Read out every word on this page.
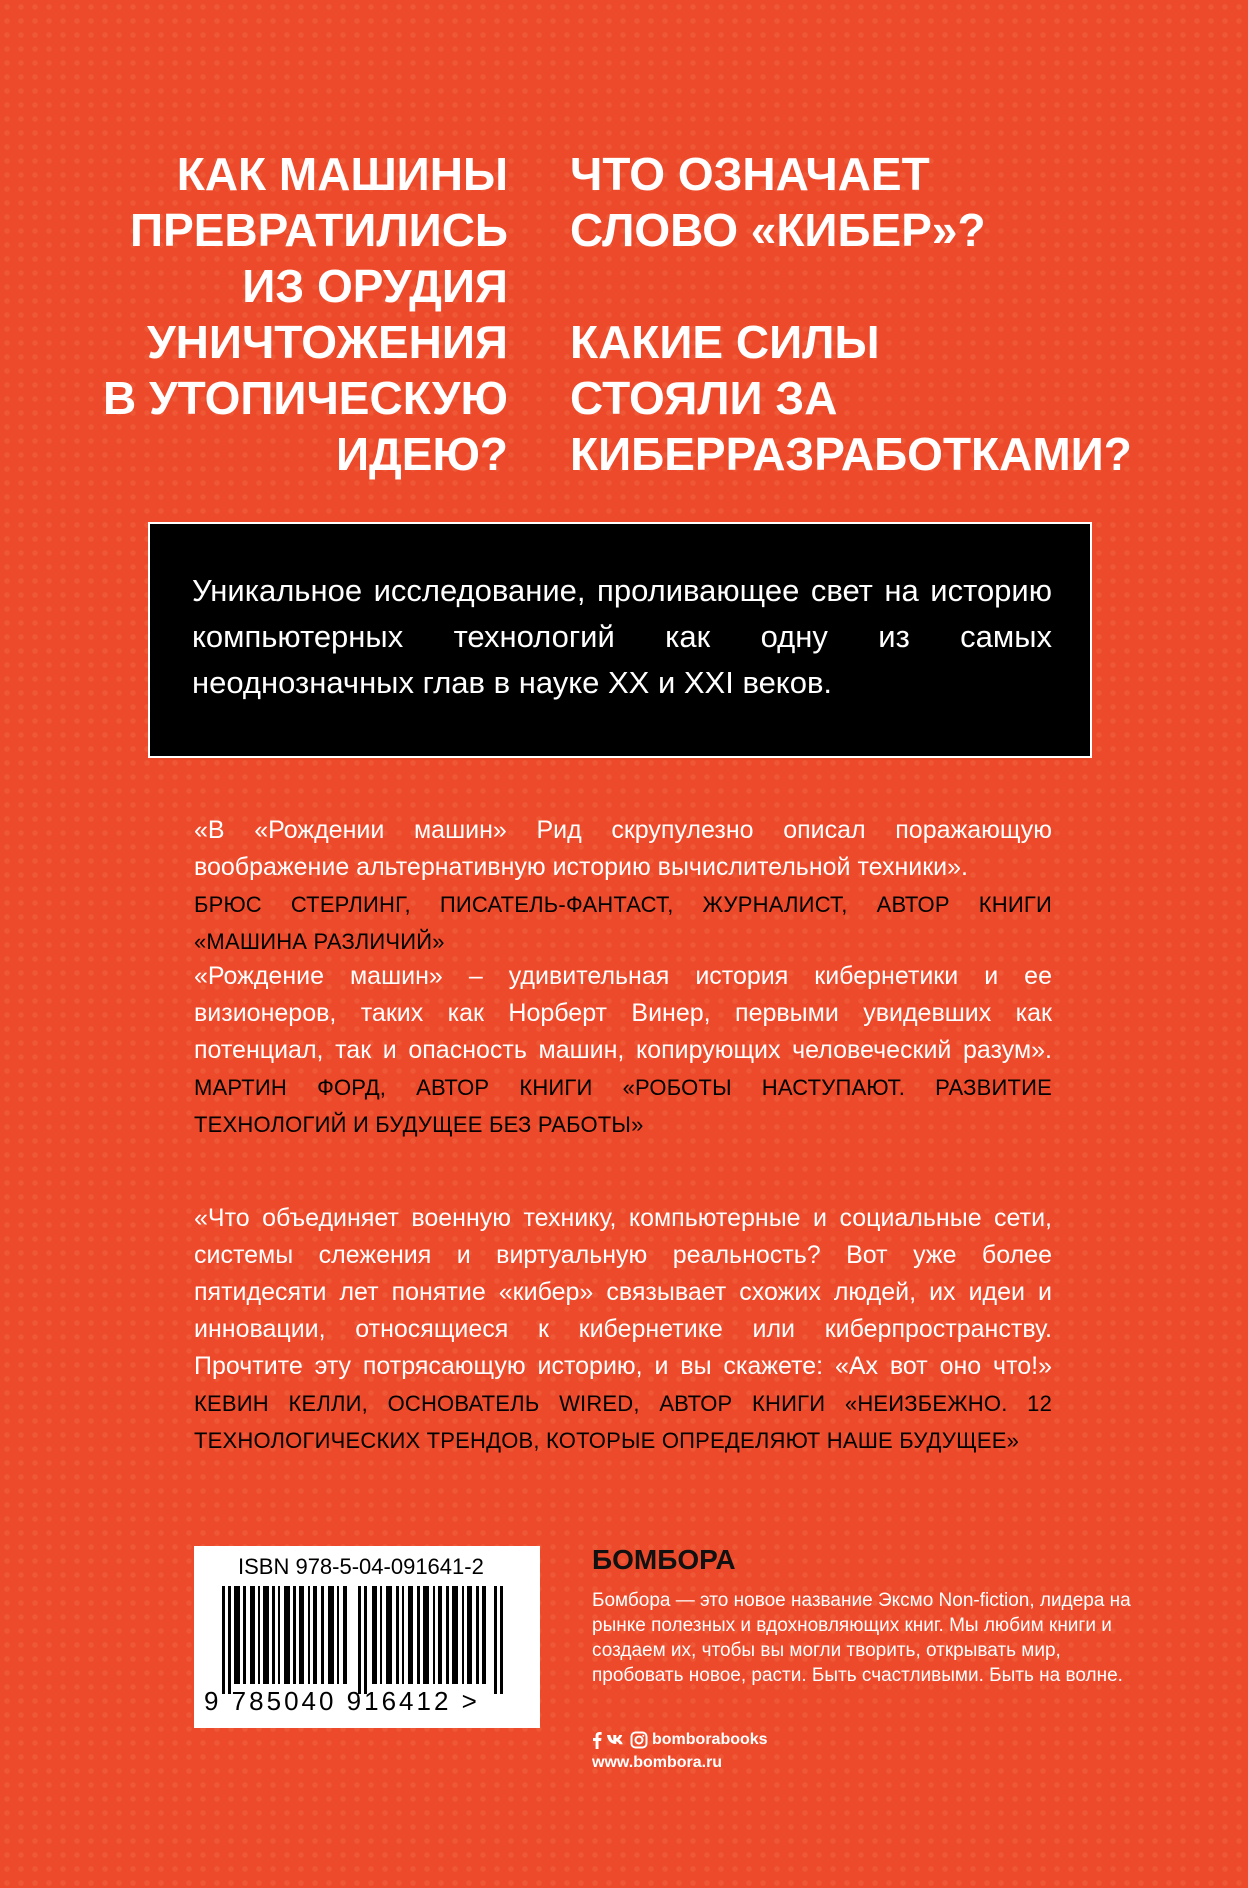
КАК МАШИНЫ
ПРЕВРАТИЛИСЬ
ИЗ ОРУДИЯ
УНИЧТОЖЕНИЯ
В УТОПИЧЕСКУЮ
ИДЕЮ?
ЧТО ОЗНАЧАЕТ
СЛОВО «КИБЕР»?
КАКИЕ СИЛЫ
СТОЯЛИ ЗА
КИБЕРРАЗРАБОТКАМИ?

Уникальное исследование, проливающее свет на историю компьютерных технологий как одну из самых неоднозначных глав в науке XX и XXI веков.

«В «Рождении машин» Рид скрупулезно описал поражающую воображение альтернативную историю вычислительной техники».
БРЮС СТЕРЛИНГ, ПИСАТЕЛЬ-ФАНТАСТ, ЖУРНАЛИСТ, АВТОР КНИГИ «МАШИНА РАЗЛИЧИЙ»

«Рождение машин» – удивительная история кибернетики и ее визионеров, таких как Норберт Винер, первыми увидевших как потенциал, так и опасность машин, копирующих человеческий разум». МАРТИН ФОРД, АВТОР КНИГИ «РОБОТЫ НАСТУПАЮТ. РАЗВИТИЕ ТЕХНОЛОГИЙ И БУДУЩЕЕ БЕЗ РАБОТЫ»

«Что объединяет военную технику, компьютерные и социальные сети, системы слежения и виртуальную реальность? Вот уже более пятидесяти лет понятие «кибер» связывает схожих людей, их идеи и инновации, относящиеся к кибернетике или киберпространству. Прочтите эту потрясающую историю, и вы скажете: «Ах вот оно что!» КЕВИН КЕЛЛИ, ОСНОВАТЕЛЬ WIRED, АВТОР КНИГИ «НЕИЗБЕЖНО. 12 ТЕХНОЛОГИЧЕСКИХ ТРЕНДОВ, КОТОРЫЕ ОПРЕДЕЛЯЮТ НАШЕ БУДУЩЕЕ»

ISBN 978-5-04-091641-2

9 785040 916412 >

БОМБОРА

Бомбора — это новое название Эксмо Non-fiction, лидера на рынке полезных и вдохновляющих книг. Мы любим книги и создаем их, чтобы вы могли творить, открывать мир, пробовать новое, расти. Быть счастливыми. Быть на волне.

bomborabooks

www.bombora.ru
